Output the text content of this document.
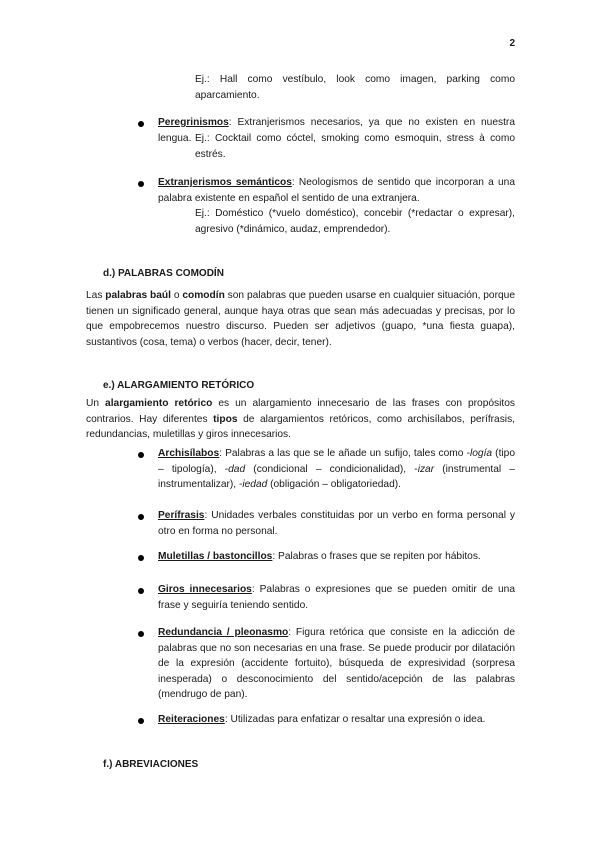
2

Ej.: Hall como vestíbulo, look como imagen, parking como aparcamiento.

Peregrinismos: Extranjerismos necesarios, ya que no existen en nuestra lengua. Ej.: Cocktail como cóctel, smoking como esmoquin, stress à como estrés.

Extranjerismos semánticos: Neologismos de sentido que incorporan a una palabra existente en español el sentido de una extranjera.

Ej.: Doméstico (*vuelo doméstico), concebir (*redactar o expresar), agresivo (*dinámico, audaz, emprendedor).

d.) PALABRAS COMODÍN

Las palabras baúl o comodín son palabras que pueden usarse en cualquier situación, porque tienen un significado general, aunque haya otras que sean más adecuadas y precisas, por lo que empobrecemos nuestro discurso. Pueden ser adjetivos (guapo, *una fiesta guapa), sustantivos (cosa, tema) o verbos (hacer, decir, tener).

e.) ALARGAMIENTO RETÓRICO

Un alargamiento retórico es un alargamiento innecesario de las frases con propósitos contrarios. Hay diferentes tipos de alargamientos retóricos, como archisílabos, perífrasis, redundancias, muletillas y giros innecesarios.

Archisílabos: Palabras a las que se le añade un sufijo, tales como -logía (tipo – tipología), -dad (condicional – condicionalidad), -izar (instrumental – instrumentalizar), -iedad (obligación – obligatoriedad).

Perífrasis: Unidades verbales constituidas por un verbo en forma personal y otro en forma no personal.

Muletillas / bastoncillos: Palabras o frases que se repiten por hábitos.

Giros innecesarios: Palabras o expresiones que se pueden omitir de una frase y seguiría teniendo sentido.

Redundancia / pleonasmo: Figura retórica que consiste en la adicción de palabras que no son necesarias en una frase. Se puede producir por dilatación de la expresión (accidente fortuito), búsqueda de expresividad (sorpresa inesperada) o desconocimiento del sentido/acepción de las palabras (mendrugo de pan).

Reiteraciones: Utilizadas para enfatizar o resaltar una expresión o idea.

f.) ABREVIACIONES
